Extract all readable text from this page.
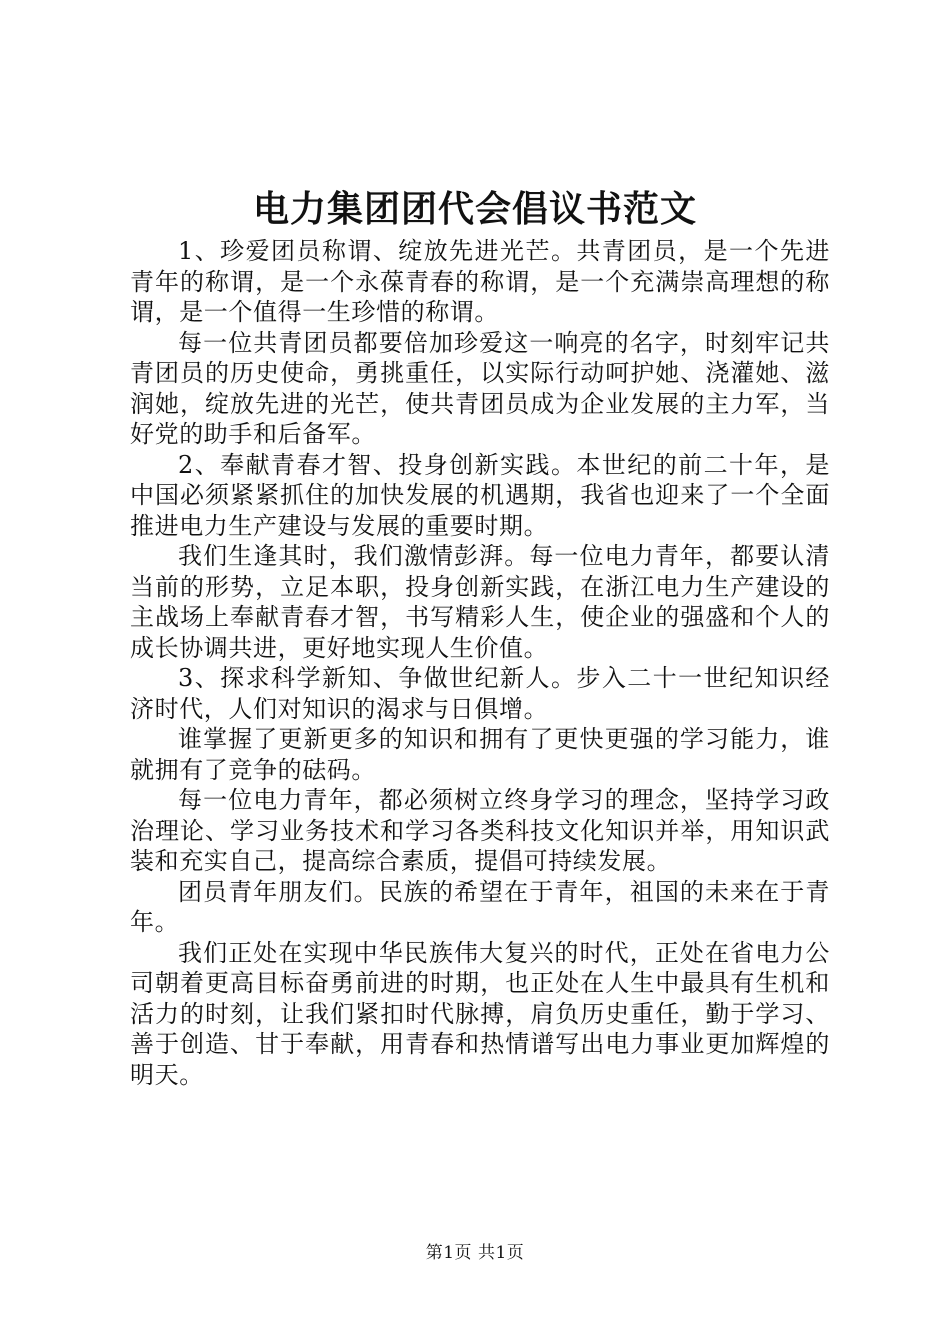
电力集团团代会倡议书范文

1、珍爱团员称谓、绽放先进光芒。共青团员，是一个先进青年的称谓，是一个永葆青春的称谓，是一个充满崇高理想的称谓，是一个值得一生珍惜的称谓。

每一位共青团员都要倍加珍爱这一响亮的名字，时刻牢记共青团员的历史使命，勇挑重任，以实际行动呵护她、浇灌她、滋润她，绽放先进的光芒，使共青团员成为企业发展的主力军，当好党的助手和后备军。

2、奉献青春才智、投身创新实践。本世纪的前二十年，是中国必须紧紧抓住的加快发展的机遇期，我省也迎来了一个全面推进电力生产建设与发展的重要时期。

我们生逢其时，我们激情彭湃。每一位电力青年，都要认清当前的形势，立足本职，投身创新实践，在浙江电力生产建设的主战场上奉献青春才智，书写精彩人生，使企业的强盛和个人的成长协调共进，更好地实现人生价值。

3、探求科学新知、争做世纪新人。步入二十一世纪知识经济时代，人们对知识的渴求与日俱增。

谁掌握了更新更多的知识和拥有了更快更强的学习能力，谁就拥有了竞争的砝码。

每一位电力青年，都必须树立终身学习的理念，坚持学习政治理论、学习业务技术和学习各类科技文化知识并举，用知识武装和充实自己，提高综合素质，提倡可持续发展。

团员青年朋友们。民族的希望在于青年，祖国的未来在于青年。

我们正处在实现中华民族伟大复兴的时代，正处在省电力公司朝着更高目标奋勇前进的时期，也正处在人生中最具有生机和活力的时刻，让我们紧扣时代脉搏，肩负历史重任，勤于学习、善于创造、甘于奉献，用青春和热情谱写出电力事业更加辉煌的明天。

第1页 共1页
